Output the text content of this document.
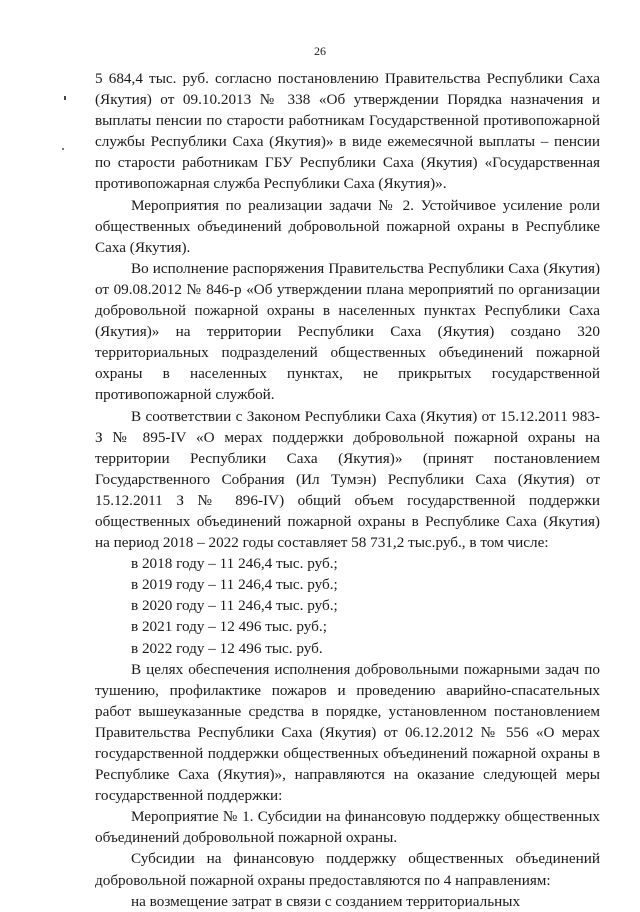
26

5 684,4 тыс. руб. согласно постановлению Правительства Республики Саха (Якутия) от 09.10.2013 № 338 «Об утверждении Порядка назначения и выплаты пенсии по старости работникам Государственной противопожарной службы Республики Саха (Якутия)» в виде ежемесячной выплаты – пенсии по старости работникам ГБУ Республики Саха (Якутия) «Государственная противопожарная служба Республики Саха (Якутия)».

Мероприятия по реализации задачи № 2. Устойчивое усиление роли общественных объединений добровольной пожарной охраны в Республике Саха (Якутия).

Во исполнение распоряжения Правительства Республики Саха (Якутия) от 09.08.2012 № 846-р «Об утверждении плана мероприятий по организации добровольной пожарной охраны в населенных пунктах Республики Саха (Якутия)» на территории Республики Саха (Якутия) создано 320 территориальных подразделений общественных объединений пожарной охраны в населенных пунктах, не прикрытых государственной противопожарной службой.

В соответствии с Законом Республики Саха (Якутия) от 15.12.2011 983-З № 895-IV «О мерах поддержки добровольной пожарной охраны на территории Республики Саха (Якутия)» (принят постановлением Государственного Собрания (Ил Тумэн) Республики Саха (Якутия) от 15.12.2011 З № 896-IV) общий объем государственной поддержки общественных объединений пожарной охраны в Республике Саха (Якутия) на период 2018 – 2022 годы составляет 58 731,2 тыс.руб., в том числе:

в 2018 году – 11 246,4 тыс. руб.;

в 2019 году – 11 246,4 тыс. руб.;

в 2020 году – 11 246,4 тыс. руб.;

в 2021 году – 12 496 тыс. руб.;

в 2022 году – 12 496 тыс. руб.

В целях обеспечения исполнения добровольными пожарными задач по тушению, профилактике пожаров и проведению аварийно-спасательных работ вышеуказанные средства в порядке, установленном постановлением Правительства Республики Саха (Якутия) от 06.12.2012 № 556 «О мерах государственной поддержки общественных объединений пожарной охраны в Республике Саха (Якутия)», направляются на оказание следующей меры государственной поддержки:

Мероприятие № 1. Субсидии на финансовую поддержку общественных объединений добровольной пожарной охраны.

Субсидии на финансовую поддержку общественных объединений добровольной пожарной охраны предоставляются по 4 направлениям:

на возмещение затрат в связи с созданием территориальных
